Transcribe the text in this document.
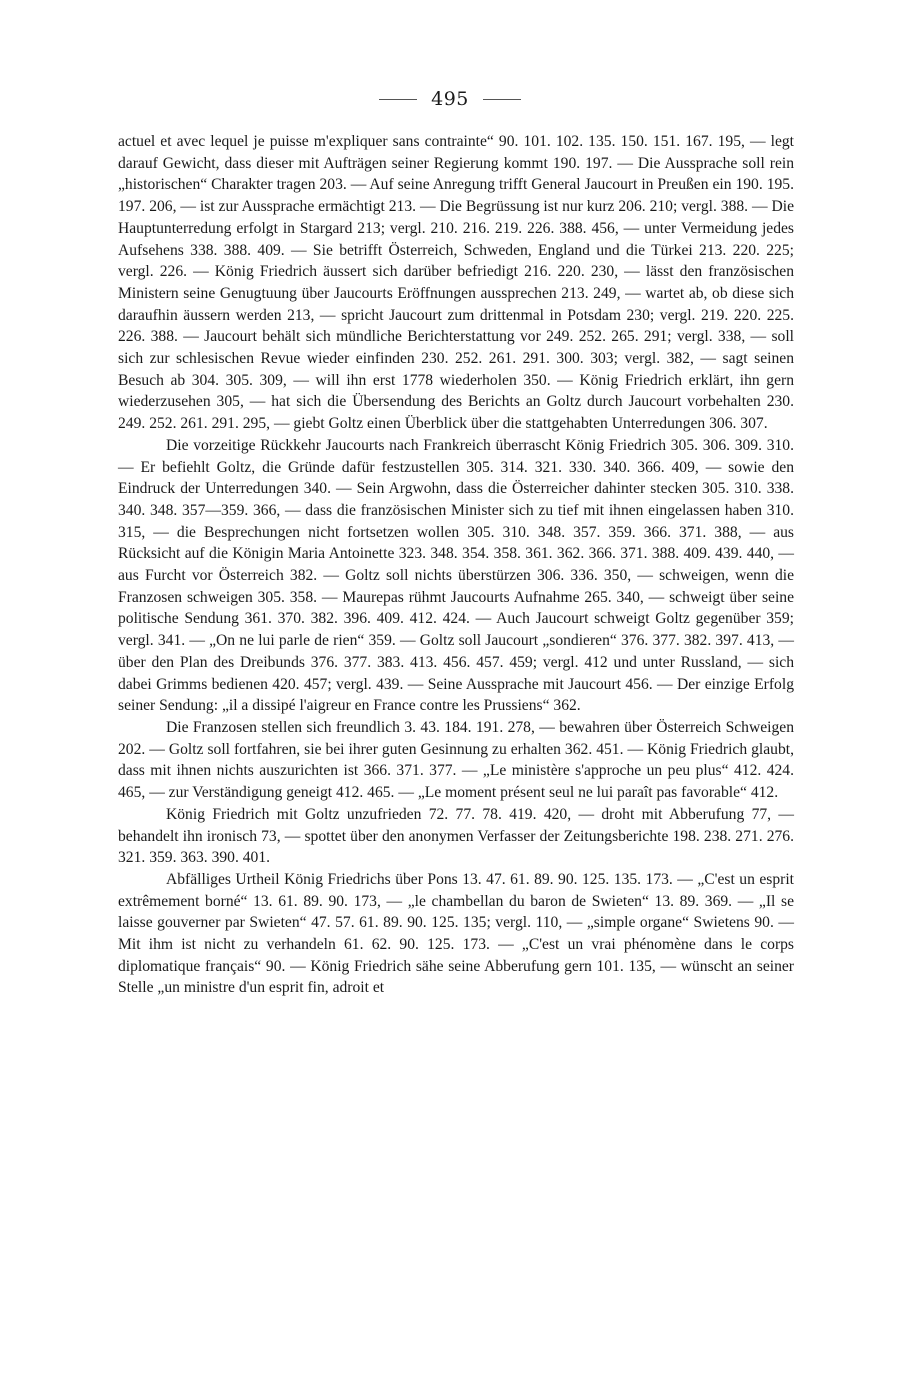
495

actuel et avec lequel je puisse m'expliquer sans contrainte“ 90. 101. 102. 135. 150. 151. 167. 195, — legt darauf Gewicht, dass dieser mit Aufträgen seiner Regierung kommt 190. 197. — Die Aussprache soll rein „historischen“ Charakter tragen 203. — Auf seine Anregung trifft General Jaucourt in Preußen ein 190. 195. 197. 206, — ist zur Aussprache ermächtigt 213. — Die Begrüssung ist nur kurz 206. 210; vergl. 388. — Die Hauptunterredung erfolgt in Stargard 213; vergl. 210. 216. 219. 226. 388. 456, — unter Vermeidung jedes Aufsehens 338. 388. 409. — Sie betrifft Österreich, Schweden, England und die Türkei 213. 220. 225; vergl. 226. — König Friedrich äussert sich darüber befriedigt 216. 220. 230, — lässt den französischen Ministern seine Genugtuung über Jaucourts Eröffnungen aussprechen 213. 249, — wartet ab, ob diese sich daraufhin äussern werden 213, — spricht Jaucourt zum drittenmal in Potsdam 230; vergl. 219. 220. 225. 226. 388. — Jaucourt behält sich mündliche Berichterstattung vor 249. 252. 265. 291; vergl. 338, — soll sich zur schlesischen Revue wieder einfinden 230. 252. 261. 291. 300. 303; vergl. 382, — sagt seinen Besuch ab 304. 305. 309, — will ihn erst 1778 wiederholen 350. — König Friedrich erklärt, ihn gern wiederzusehen 305, — hat sich die Übersendung des Berichts an Goltz durch Jaucourt vorbehalten 230. 249. 252. 261. 291. 295, — giebt Goltz einen Überblick über die stattgehabten Unterredungen 306. 307.

Die vorzeitige Rückkehr Jaucourts nach Frankreich überrascht König Friedrich 305. 306. 309. 310. — Er befiehlt Goltz, die Gründe dafür festzustellen 305. 314. 321. 330. 340. 366. 409, — sowie den Eindruck der Unterredungen 340. — Sein Argwohn, dass die Österreicher dahinter stecken 305. 310. 338. 340. 348. 357—359. 366, — dass die französischen Minister sich zu tief mit ihnen eingelassen haben 310. 315, — die Besprechungen nicht fortsetzen wollen 305. 310. 348. 357. 359. 366. 371. 388, — aus Rücksicht auf die Königin Maria Antoinette 323. 348. 354. 358. 361. 362. 366. 371. 388. 409. 439. 440, — aus Furcht vor Österreich 382. — Goltz soll nichts überstürzen 306. 336. 350, — schweigen, wenn die Franzosen schweigen 305. 358. — Maurepas rühmt Jaucourts Aufnahme 265. 340, — schweigt über seine politische Sendung 361. 370. 382. 396. 409. 412. 424. — Auch Jaucourt schweigt Goltz gegenüber 359; vergl. 341. — „On ne lui parle de rien“ 359. — Goltz soll Jaucourt „sondieren“ 376. 377. 382. 397. 413, — über den Plan des Dreibunds 376. 377. 383. 413. 456. 457. 459; vergl. 412 und unter Russland, — sich dabei Grimms bedienen 420. 457; vergl. 439. — Seine Aussprache mit Jaucourt 456. — Der einzige Erfolg seiner Sendung: „il a dissipé l'aigreur en France contre les Prussiens“ 362.

Die Franzosen stellen sich freundlich 3. 43. 184. 191. 278, — bewahren über Österreich Schweigen 202. — Goltz soll fortfahren, sie bei ihrer guten Gesinnung zu erhalten 362. 451. — König Friedrich glaubt, dass mit ihnen nichts auszurichten ist 366. 371. 377. — „Le ministère s'approche un peu plus“ 412. 424. 465, — zur Verständigung geneigt 412. 465. — „Le moment présent seul ne lui paraît pas favorable“ 412.

König Friedrich mit Goltz unzufrieden 72. 77. 78. 419. 420, — droht mit Abberufung 77, — behandelt ihn ironisch 73, — spottet über den anonymen Verfasser der Zeitungsberichte 198. 238. 271. 276. 321. 359. 363. 390. 401.

Abfälliges Urtheil König Friedrichs über Pons 13. 47. 61. 89. 90. 125. 135. 173. — „C'est un esprit extrêmement borné“ 13. 61. 89. 90. 173, — „le chambellan du baron de Swieten“ 13. 89. 369. — „Il se laisse gouverner par Swieten“ 47. 57. 61. 89. 90. 125. 135; vergl. 110, — „simple organe“ Swietens 90. — Mit ihm ist nicht zu verhandeln 61. 62. 90. 125. 173. — „C'est un vrai phénomène dans le corps diplomatique français“ 90. — König Friedrich sähe seine Abberufung gern 101. 135, — wünscht an seiner Stelle „un ministre d'un esprit fin, adroit et
